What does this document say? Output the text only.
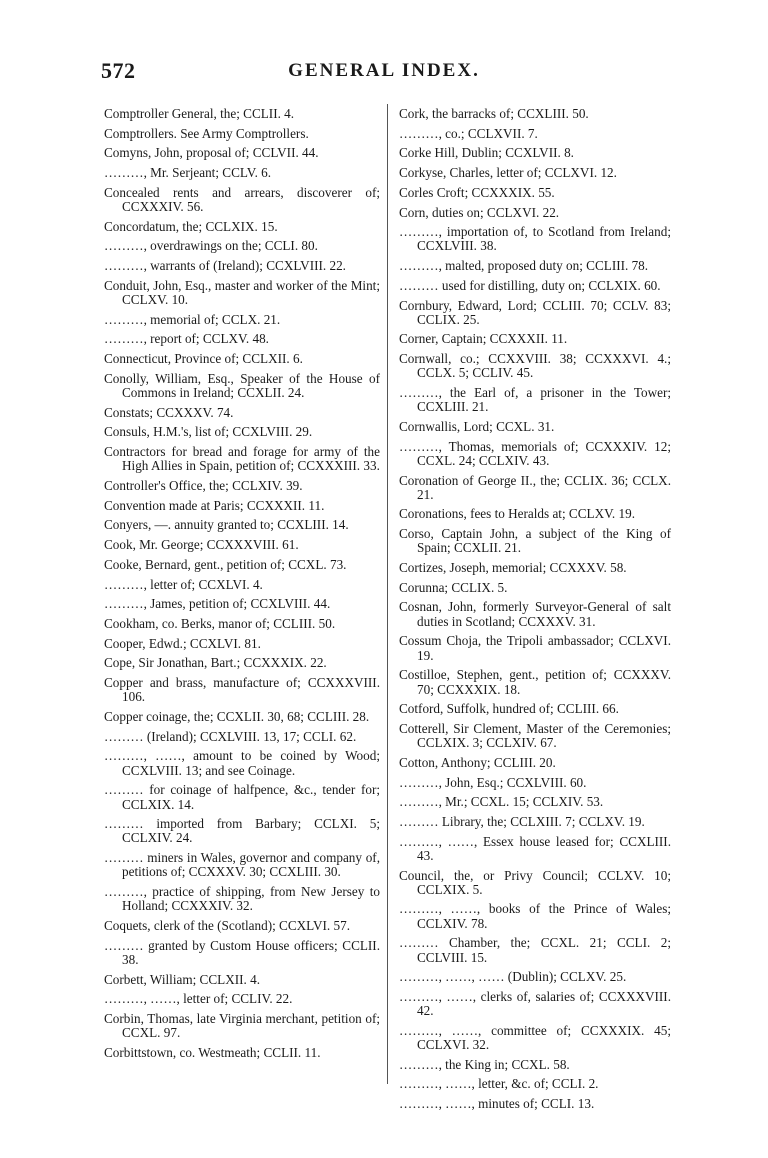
572	GENERAL INDEX.
Comptroller General, the; CCLII. 4.
Comptrollers. See Army Comptrollers.
Comyns, John, proposal of; CCLVII. 44.
………, Mr. Serjeant; CCLV. 6.
Concealed rents and arrears, discoverer of; CCXXXIV. 56.
Concordatum, the; CCLXIX. 15.
………, overdrawings on the; CCLI. 80.
………, warrants of (Ireland); CCXLVIII. 22.
Conduit, John, Esq., master and worker of the Mint; CCLXV. 10.
………, memorial of; CCLX. 21.
………, report of; CCLXV. 48.
Connecticut, Province of; CCLXII. 6.
Conolly, William, Esq., Speaker of the House of Commons in Ireland; CCXLII. 24.
Constats; CCXXXV. 74.
Consuls, H.M.'s, list of; CCXLVIII. 29.
Contractors for bread and forage for army of the High Allies in Spain, petition of; CCXXXIII. 33.
Controller's Office, the; CCLXIV. 39.
Convention made at Paris; CCXXXII. 11.
Conyers, —. annuity granted to; CCXLIII. 14.
Cook, Mr. George; CCXXXVIII. 61.
Cooke, Bernard, gent., petition of; CCXL. 73.
………, letter of; CCXLVI. 4.
………, James, petition of; CCXLVIII. 44.
Cookham, co. Berks, manor of; CCLIII. 50.
Cooper, Edwd.; CCXLVI. 81.
Cope, Sir Jonathan, Bart.; CCXXXIX. 22.
Copper and brass, manufacture of; CCXXXVIII. 106.
Copper coinage, the; CCXLII. 30, 68; CCLIII. 28.
……… (Ireland); CCXLVIII. 13, 17; CCLI. 62.
………, ……, amount to be coined by Wood; CCXLVIII. 13; and see Coinage.
……… for coinage of halfpence, &c., tender for; CCLXIX. 14.
……… imported from Barbary; CCLXI. 5; CCLXIV. 24.
……… miners in Wales, governor and company of, petitions of; CCXXXV. 30; CCXLIII. 30.
………, practice of shipping, from New Jersey to Holland; CCXXXIV. 32.
Coquets, clerk of the (Scotland); CCXLVI. 57.
……… granted by Custom House officers; CCLII. 38.
Corbett, William; CCLXII. 4.
………, ……, letter of; CCLIV. 22.
Corbin, Thomas, late Virginia merchant, petition of; CCXL. 97.
Corbittstown, co. Westmeath; CCLII. 11.
Cork, the barracks of; CCXLIII. 50.
………, co.; CCLXVII. 7.
Corke Hill, Dublin; CCXLVII. 8.
Corkyse, Charles, letter of; CCLXVI. 12.
Corles Croft; CCXXXIX. 55.
Corn, duties on; CCLXVI. 22.
………, importation of, to Scotland from Ireland; CCXLVIII. 38.
………, malted, proposed duty on; CCLIII. 78.
……… used for distilling, duty on; CCLXIX. 60.
Cornbury, Edward, Lord; CCLIII. 70; CCLV. 83; CCLIX. 25.
Corner, Captain; CCXXXII. 11.
Cornwall, co.; CCXXVIII. 38; CCXXXVI. 4.; CCLX. 5; CCLIV. 45.
………, the Earl of, a prisoner in the Tower; CCXLIII. 21.
Cornwallis, Lord; CCXL. 31.
………, Thomas, memorials of; CCXXXIV. 12; CCXL. 24; CCLXIV. 43.
Coronation of George II., the; CCLIX. 36; CCLX. 21.
Coronations, fees to Heralds at; CCLXV. 19.
Corso, Captain John, a subject of the King of Spain; CCXLII. 21.
Cortizes, Joseph, memorial; CCXXXV. 58.
Corunna; CCLIX. 5.
Cosnan, John, formerly Surveyor-General of salt duties in Scotland; CCXXXV. 31.
Cossum Choja, the Tripoli ambassador; CCLXVI. 19.
Costilloe, Stephen, gent., petition of; CCXXXV. 70; CCXXXIX. 18.
Cotford, Suffolk, hundred of; CCLIII. 66.
Cotterell, Sir Clement, Master of the Ceremonies; CCLXIX. 3; CCLXIV. 67.
Cotton, Anthony; CCLIII. 20.
………, John, Esq.; CCXLVIII. 60.
………, Mr.; CCXL. 15; CCLXIV. 53.
……… Library, the; CCLXIII. 7; CCLXV. 19.
………, ……, Essex house leased for; CCXLIII. 43.
Council, the, or Privy Council; CCLXV. 10; CCLXIX. 5.
………, ……, books of the Prince of Wales; CCLXIV. 78.
……… Chamber, the; CCXL. 21; CCLI. 2; CCLVIII. 15.
………, ……, …… (Dublin); CCLXV. 25.
………, ……, clerks of, salaries of; CCXXXVIII. 42.
………, ……, committee of; CCXXXIX. 45; CCLXVI. 32.
………, the King in; CCXL. 58.
………, ……, letter, &c. of; CCLI. 2.
………, ……, minutes of; CCLI. 13.
